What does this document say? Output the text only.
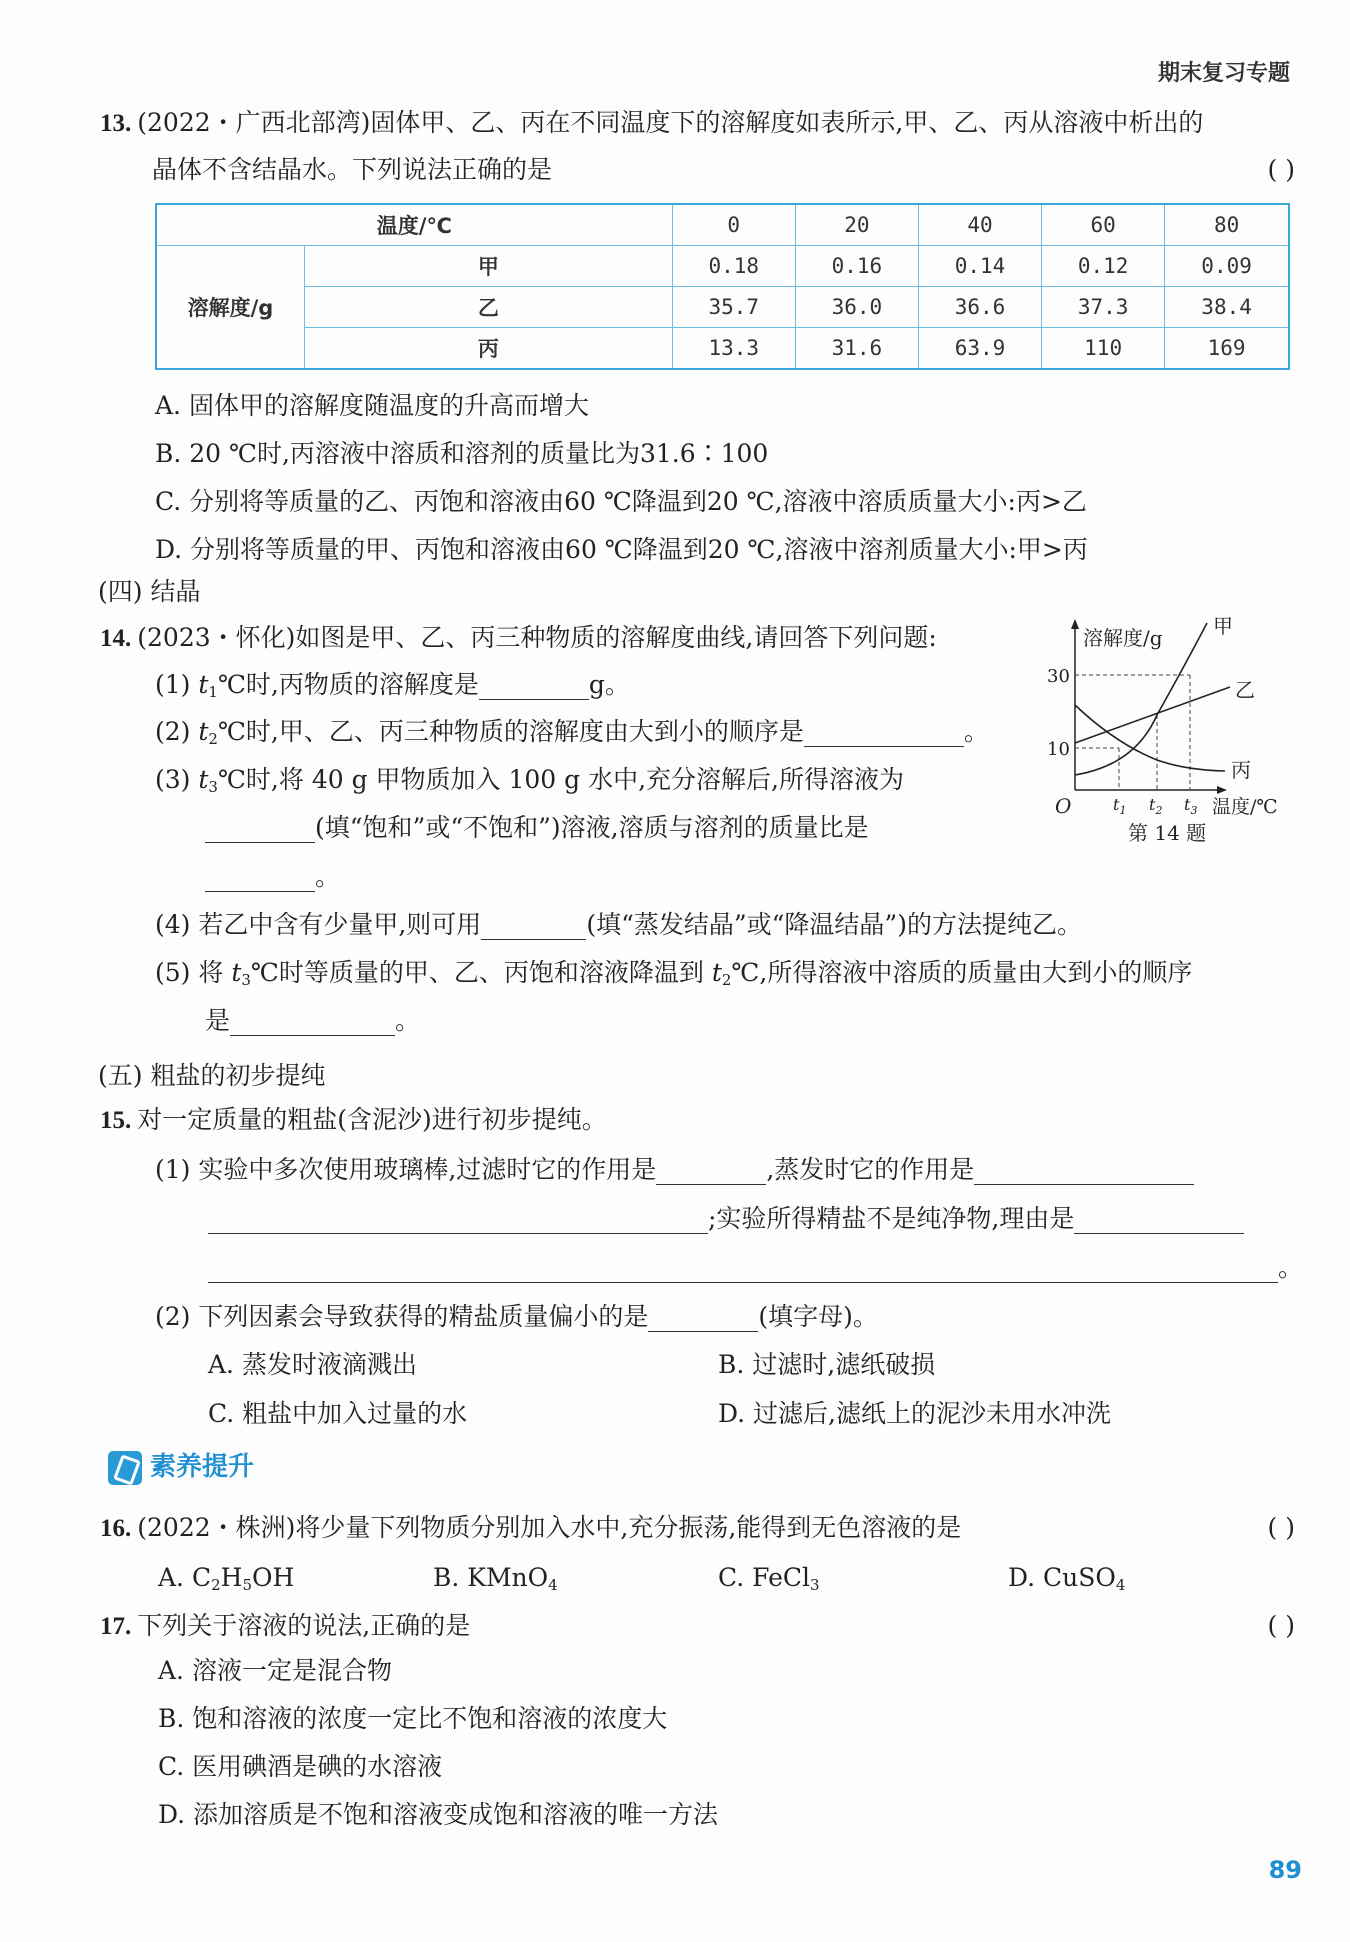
期末复习专题
13. (2022・广西北部湾)固体甲、乙、丙在不同温度下的溶解度如表所示,甲、乙、丙从溶液中析出的
晶体不含结晶水。下列说法正确的是	( )
温度/℃		0	20	40	60	80
溶解度/g	甲	0.18	0.16	0.14	0.12	0.09
	乙	35.7	36.0	36.6	37.3	38.4
	丙	13.3	31.6	63.9	110	169
A. 固体甲的溶解度随温度的升高而增大
B. 20 ℃时,丙溶液中溶质和溶剂的质量比为31.6∶100
C. 分别将等质量的乙、丙饱和溶液由60 ℃降温到20 ℃,溶液中溶质质量大小:丙>乙
D. 分别将等质量的甲、丙饱和溶液由60 ℃降温到20 ℃,溶液中溶剂质量大小:甲>丙
(四) 结晶
14. (2023・怀化)如图是甲、乙、丙三种物质的溶解度曲线,请回答下列问题:
(1) $t_1℃$时,丙物质的溶解度是	g。
(2) $t_2℃$时,甲、乙、丙三种物质的溶解度由大到小的顺序是	。
(3) $t_3℃$时,将 40 g 甲物质加入 100 g 水中,充分溶解后,所得溶液为
(填“饱和”或“不饱和”)溶液,溶质与溶剂的质量比是
。
(4) 若乙中含有少量甲,则可用	(填“蒸发结晶”或“降温结晶”)的方法提纯乙。
(5) 将 $t_3℃$时等质量的甲、乙、丙饱和溶液降温到 $t_2℃$,所得溶液中溶质的质量由大到小的顺序
是	。
溶解度/g
O
30
10
甲
乙
丙
$t_1$ $t_2$ $t_3$ 温度/℃
第 14 题
(五) 粗盐的初步提纯
15. 对一定质量的粗盐(含泥沙)进行初步提纯。
(1) 实验中多次使用玻璃棒,过滤时它的作用是	,蒸发时它的作用是
;实验所得精盐不是纯净物,理由是
。
(2) 下列因素会导致获得的精盐质量偏小的是	(填字母)。
A. 蒸发时液滴溅出	B. 过滤时,滤纸破损
C. 粗盐中加入过量的水	D. 过滤后,滤纸上的泥沙未用水冲洗
素养提升
16. (2022・株洲)将少量下列物质分别加入水中,充分振荡,能得到无色溶液的是	( )
A. $C_2H_5OH$	B. KMnO$_4$	C. FeCl$_3$	D. CuSO$_4$
17. 下列关于溶液的说法,正确的是	( )
A. 溶液一定是混合物
B. 饱和溶液的浓度一定比不饱和溶液的浓度大
C. 医用碘酒是碘的水溶液
D. 添加溶质是不饱和溶液变成饱和溶液的唯一方法
89
